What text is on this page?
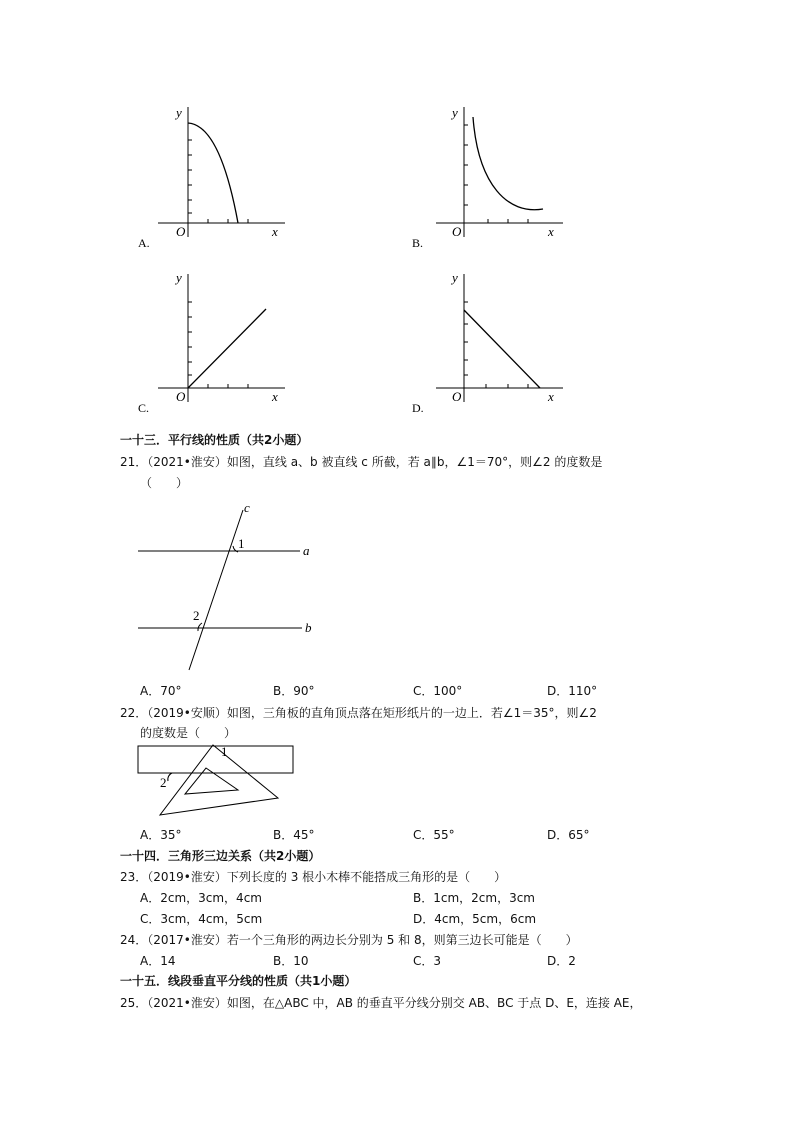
y
x
O
A.
y
x
O
B.
y
x
O
C.
y
x
O
D.
一十三．平行线的性质（共2小题）
21．（2021•淮安）如图，直线 a、b 被直线 c 所截，若 a∥b，∠1＝70°，则∠2 的度数是
（　　）
c
a
b
1
2
A．70°	B．90°	C．100°	D．110°
22．（2019•安顺）如图，三角板的直角顶点落在矩形纸片的一边上．若∠1＝35°，则∠2
的度数是（　　）
1
2
A．35°	B．45°	C．55°	D．65°
一十四．三角形三边关系（共2小题）
23．（2019•淮安）下列长度的 3 根小木棒不能搭成三角形的是（　　）
A．2cm，3cm，4cm	B．1cm，2cm，3cm
C．3cm，4cm，5cm	D．4cm，5cm，6cm
24．（2017•淮安）若一个三角形的两边长分别为 5 和 8，则第三边长可能是（　　）
A．14	B．10	C．3	D．2
一十五．线段垂直平分线的性质（共1小题）
25．（2021•淮安）如图，在△ABC 中，AB 的垂直平分线分别交 AB、BC 于点 D、E，连接 AE，
